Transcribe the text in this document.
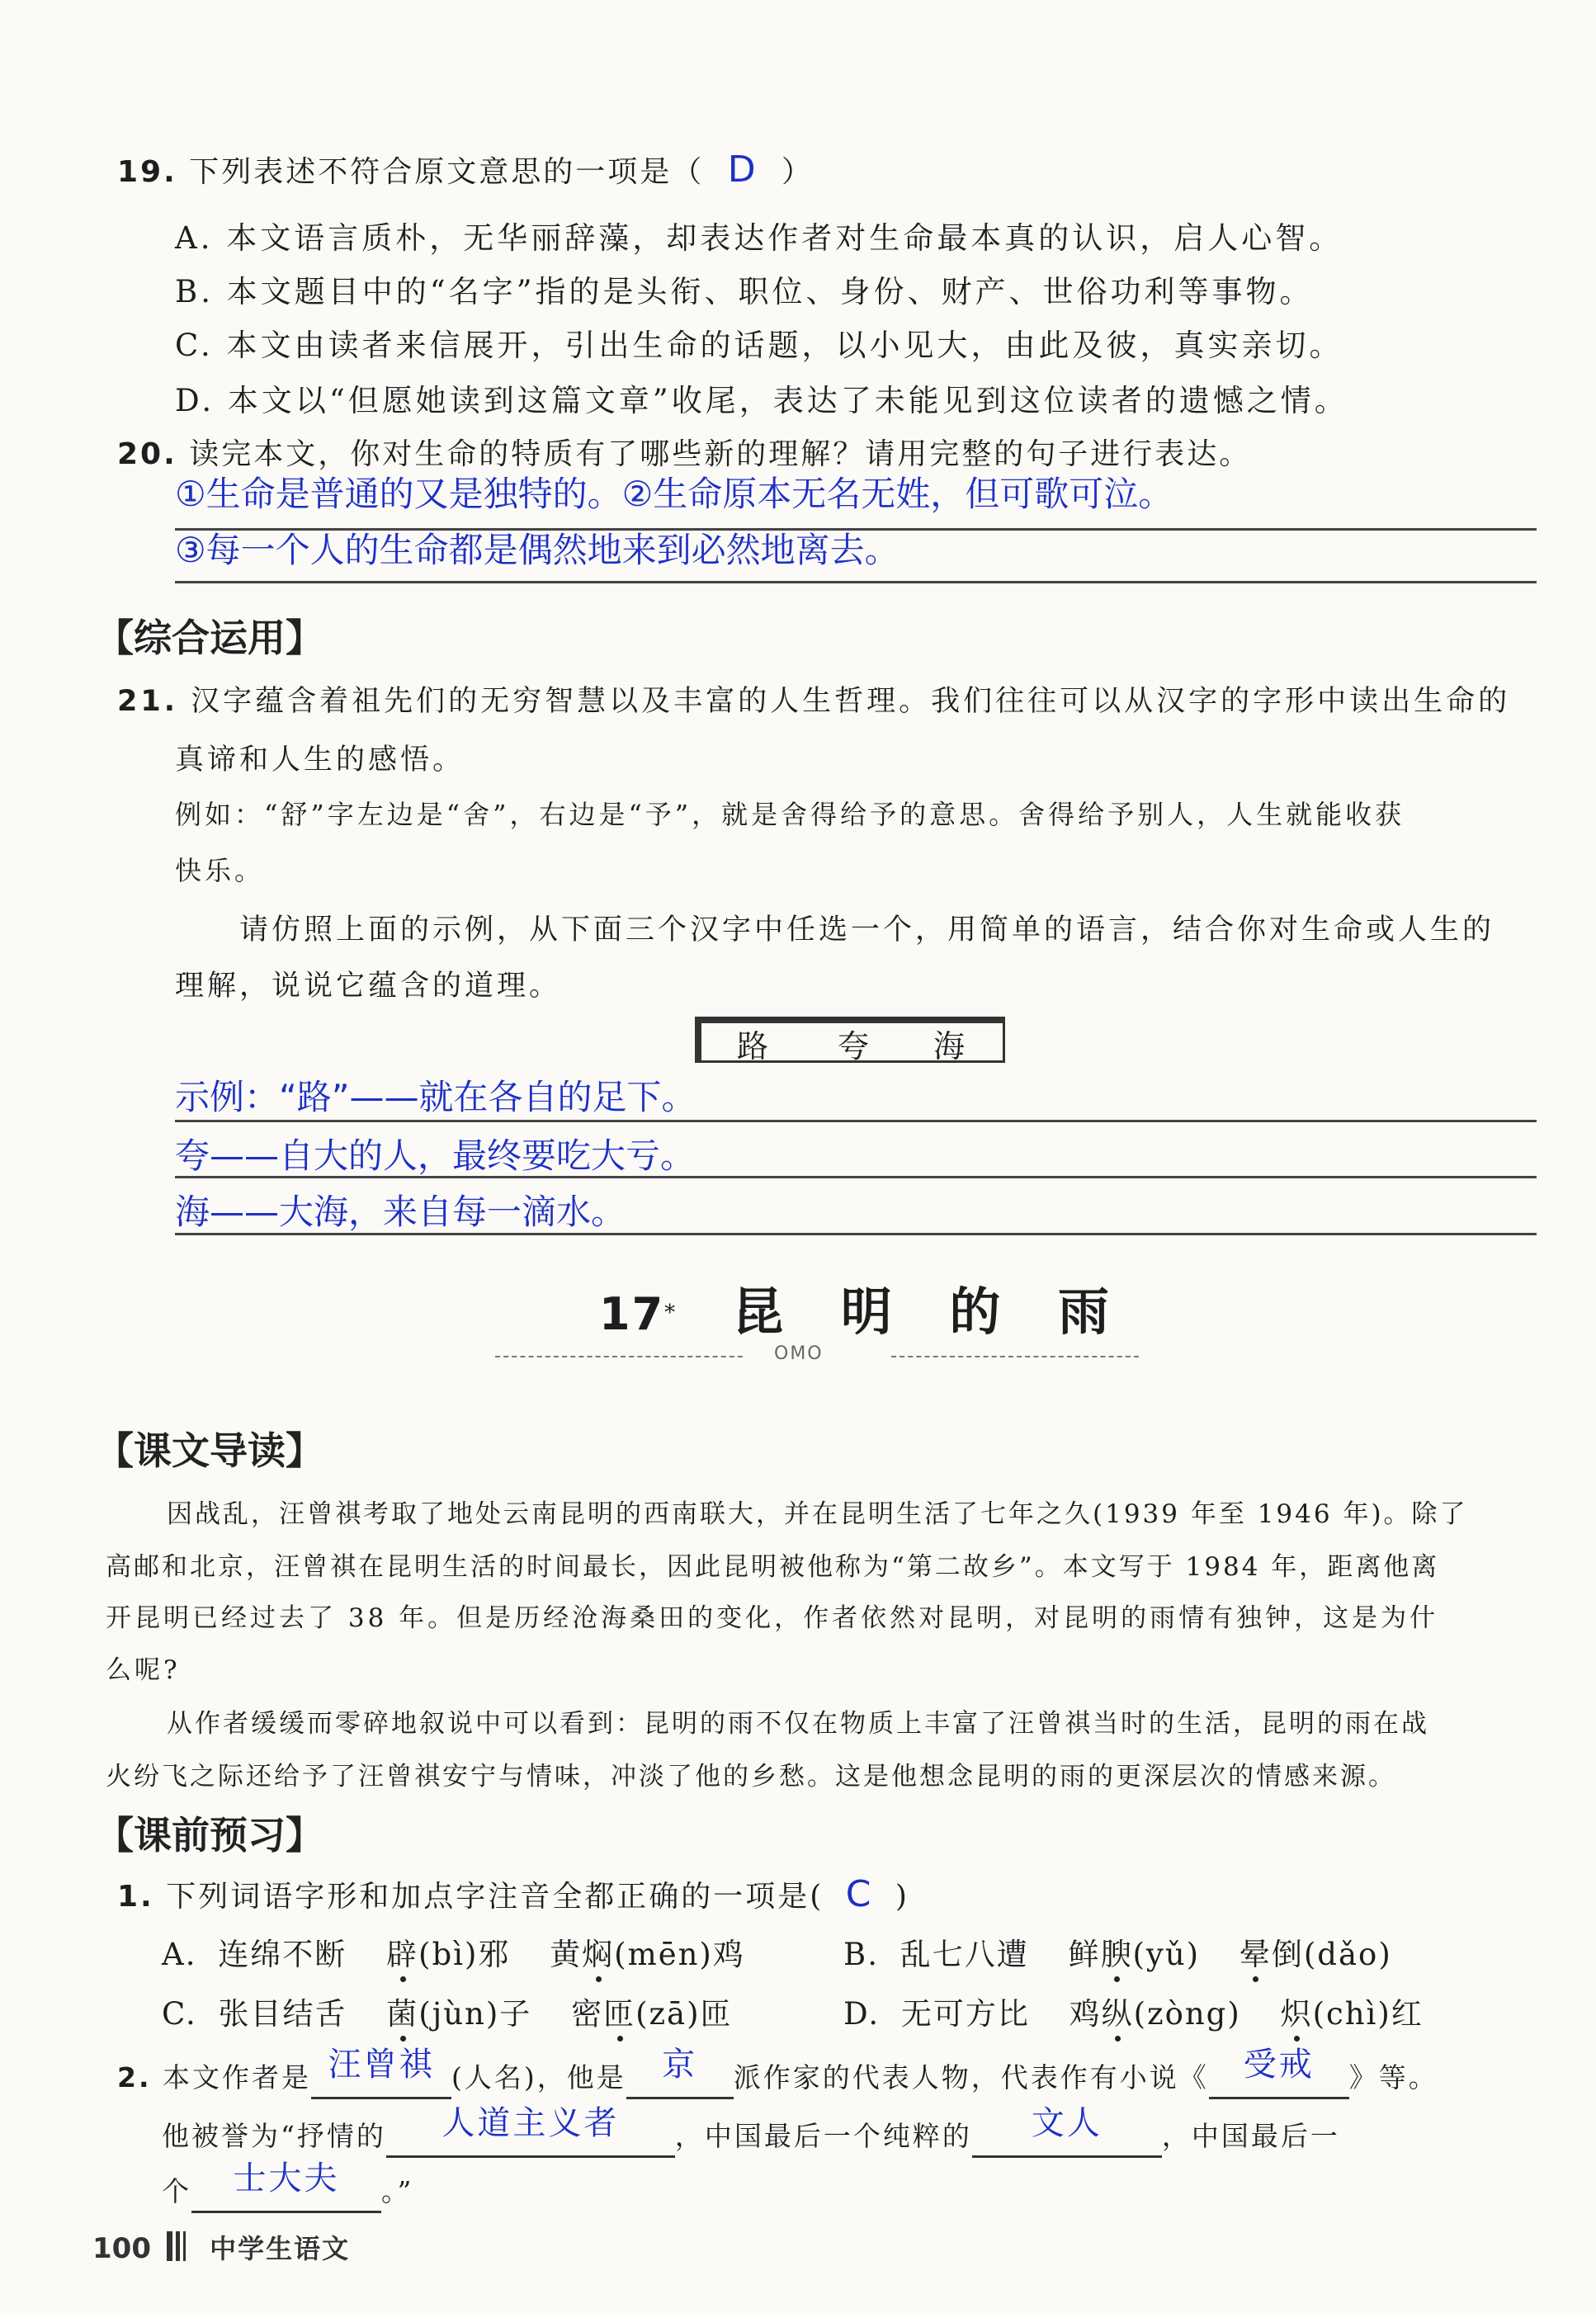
19. 下列表述不符合原文意思的一项是（ D ）
A. 本文语言质朴，无华丽辞藻，却表达作者对生命最本真的认识，启人心智。
B. 本文题目中的“名字”指的是头衔、职位、身份、财产、世俗功利等事物。
C. 本文由读者来信展开，引出生命的话题，以小见大，由此及彼，真实亲切。
D. 本文以“但愿她读到这篇文章”收尾，表达了未能见到这位读者的遗憾之情。
20. 读完本文，你对生命的特质有了哪些新的理解？请用完整的句子进行表达。
①生命是普通的又是独特的。②生命原本无名无姓，但可歌可泣。
③每一个人的生命都是偶然地来到必然地离去。
【综合运用】
21. 汉字蕴含着祖先们的无穷智慧以及丰富的人生哲理。我们往往可以从汉字的字形中读出生命的
真谛和人生的感悟。
例如：“舒”字左边是“舍”，右边是“予”，就是舍得给予的意思。舍得给予别人，人生就能收获
快乐。
请仿照上面的示例，从下面三个汉字中任选一个，用简单的语言，结合你对生命或人生的
理解，说说它蕴含的道理。
路 夸 海
示例：“路”——就在各自的足下。
夸——自大的人，最终要吃大亏。
海——大海，来自每一滴水。
17* 昆 明 的 雨
OMO
【课文导读】
因战乱，汪曾祺考取了地处云南昆明的西南联大，并在昆明生活了七年之久(1939 年至 1946 年)。除了
高邮和北京，汪曾祺在昆明生活的时间最长，因此昆明被他称为“第二故乡”。本文写于 1984 年，距离他离
开昆明已经过去了 38 年。但是历经沧海桑田的变化，作者依然对昆明，对昆明的雨情有独钟，这是为什
么呢?
从作者缓缓而零碎地叙说中可以看到：昆明的雨不仅在物质上丰富了汪曾祺当时的生活，昆明的雨在战
火纷飞之际还给予了汪曾祺安宁与情味，冲淡了他的乡愁。这是他想念昆明的雨的更深层次的情感来源。
【课前预习】
1. 下列词语字形和加点字注音全都正确的一项是( C )
A. 连绵不断 辟(bì)邪 黄焖(mēn)鸡	B. 乱七八遭 鲜腴(yǔ) 晕倒(dǎo)
C. 张目结舌 菌(jùn)子 密匝(zā)匝	D. 无可方比 鸡纵(zòng) 炽(chì)红
2. 本文作者是 汪曾祺 (人名)，他是 京 派作家的代表人物，代表作有小说《 受戒 》等。
他被誉为“抒情的 人道主义者 ，中国最后一个纯粹的 文人 ，中国最后一
个 士大夫 。”
100 中学生语文
